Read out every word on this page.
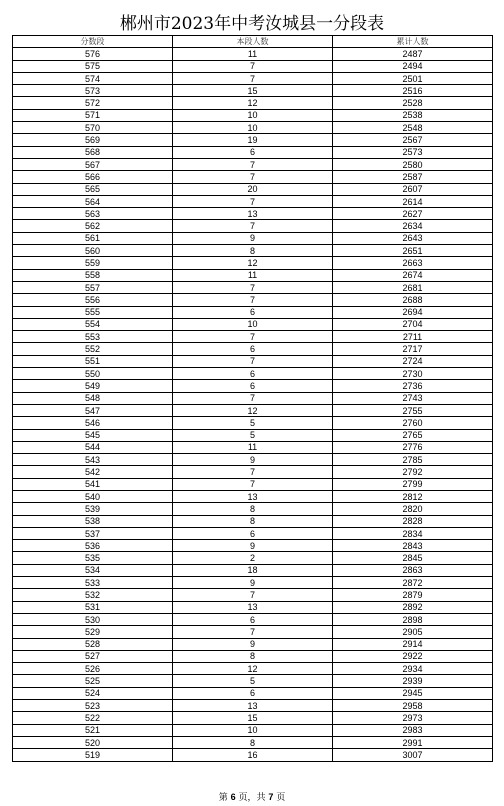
郴州市2023年中考汝城县一分段表
分数段	本段人数	累计人数
576	11	2487
575	7	2494
574	7	2501
573	15	2516
572	12	2528
571	10	2538
570	10	2548
569	19	2567
568	6	2573
567	7	2580
566	7	2587
565	20	2607
564	7	2614
563	13	2627
562	7	2634
561	9	2643
560	8	2651
559	12	2663
558	11	2674
557	7	2681
556	7	2688
555	6	2694
554	10	2704
553	7	2711
552	6	2717
551	7	2724
550	6	2730
549	6	2736
548	7	2743
547	12	2755
546	5	2760
545	5	2765
544	11	2776
543	9	2785
542	7	2792
541	7	2799
540	13	2812
539	8	2820
538	8	2828
537	6	2834
536	9	2843
535	2	2845
534	18	2863
533	9	2872
532	7	2879
531	13	2892
530	6	2898
529	7	2905
528	9	2914
527	8	2922
526	12	2934
525	5	2939
524	6	2945
523	13	2958
522	15	2973
521	10	2983
520	8	2991
519	16	3007
第 6 页，共 7 页
